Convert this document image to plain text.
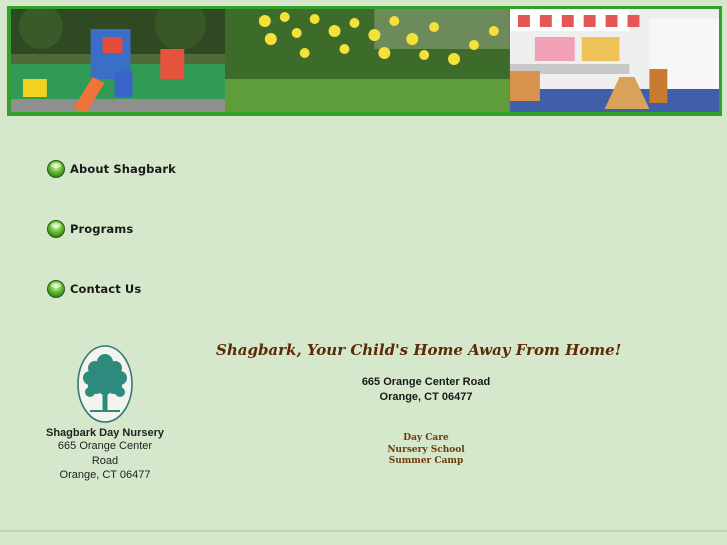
About Shagbark
Programs
Contact Us
Shagbark Day Nursery
665 Orange Center
Road
Orange, CT 06477
Shagbark, Your Child's Home Away From Home!
665 Orange Center Road
Orange, CT 06477
Day Care
Nursery School
Summer Camp
